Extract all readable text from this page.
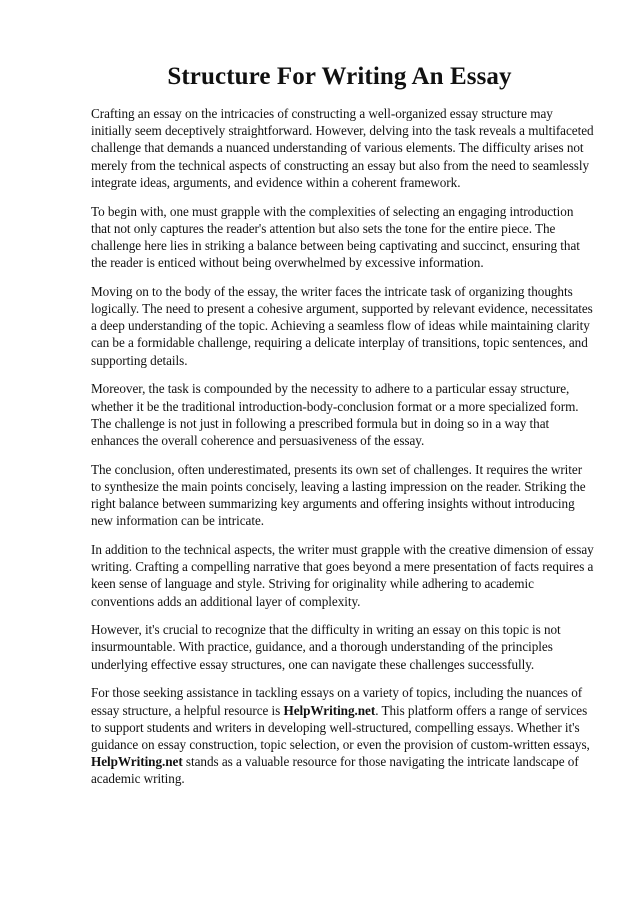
Structure For Writing An Essay

Crafting an essay on the intricacies of constructing a well-organized essay structure may initially seem deceptively straightforward. However, delving into the task reveals a multifaceted challenge that demands a nuanced understanding of various elements. The difficulty arises not merely from the technical aspects of constructing an essay but also from the need to seamlessly integrate ideas, arguments, and evidence within a coherent framework.

To begin with, one must grapple with the complexities of selecting an engaging introduction that not only captures the reader's attention but also sets the tone for the entire piece. The challenge here lies in striking a balance between being captivating and succinct, ensuring that the reader is enticed without being overwhelmed by excessive information.

Moving on to the body of the essay, the writer faces the intricate task of organizing thoughts logically. The need to present a cohesive argument, supported by relevant evidence, necessitates a deep understanding of the topic. Achieving a seamless flow of ideas while maintaining clarity can be a formidable challenge, requiring a delicate interplay of transitions, topic sentences, and supporting details.

Moreover, the task is compounded by the necessity to adhere to a particular essay structure, whether it be the traditional introduction-body-conclusion format or a more specialized form. The challenge is not just in following a prescribed formula but in doing so in a way that enhances the overall coherence and persuasiveness of the essay.

The conclusion, often underestimated, presents its own set of challenges. It requires the writer to synthesize the main points concisely, leaving a lasting impression on the reader. Striking the right balance between summarizing key arguments and offering insights without introducing new information can be intricate.

In addition to the technical aspects, the writer must grapple with the creative dimension of essay writing. Crafting a compelling narrative that goes beyond a mere presentation of facts requires a keen sense of language and style. Striving for originality while adhering to academic conventions adds an additional layer of complexity.

However, it's crucial to recognize that the difficulty in writing an essay on this topic is not insurmountable. With practice, guidance, and a thorough understanding of the principles underlying effective essay structures, one can navigate these challenges successfully.

For those seeking assistance in tackling essays on a variety of topics, including the nuances of essay structure, a helpful resource is HelpWriting.net. This platform offers a range of services to support students and writers in developing well-structured, compelling essays. Whether it's guidance on essay construction, topic selection, or even the provision of custom-written essays, HelpWriting.net stands as a valuable resource for those navigating the intricate landscape of academic writing.
